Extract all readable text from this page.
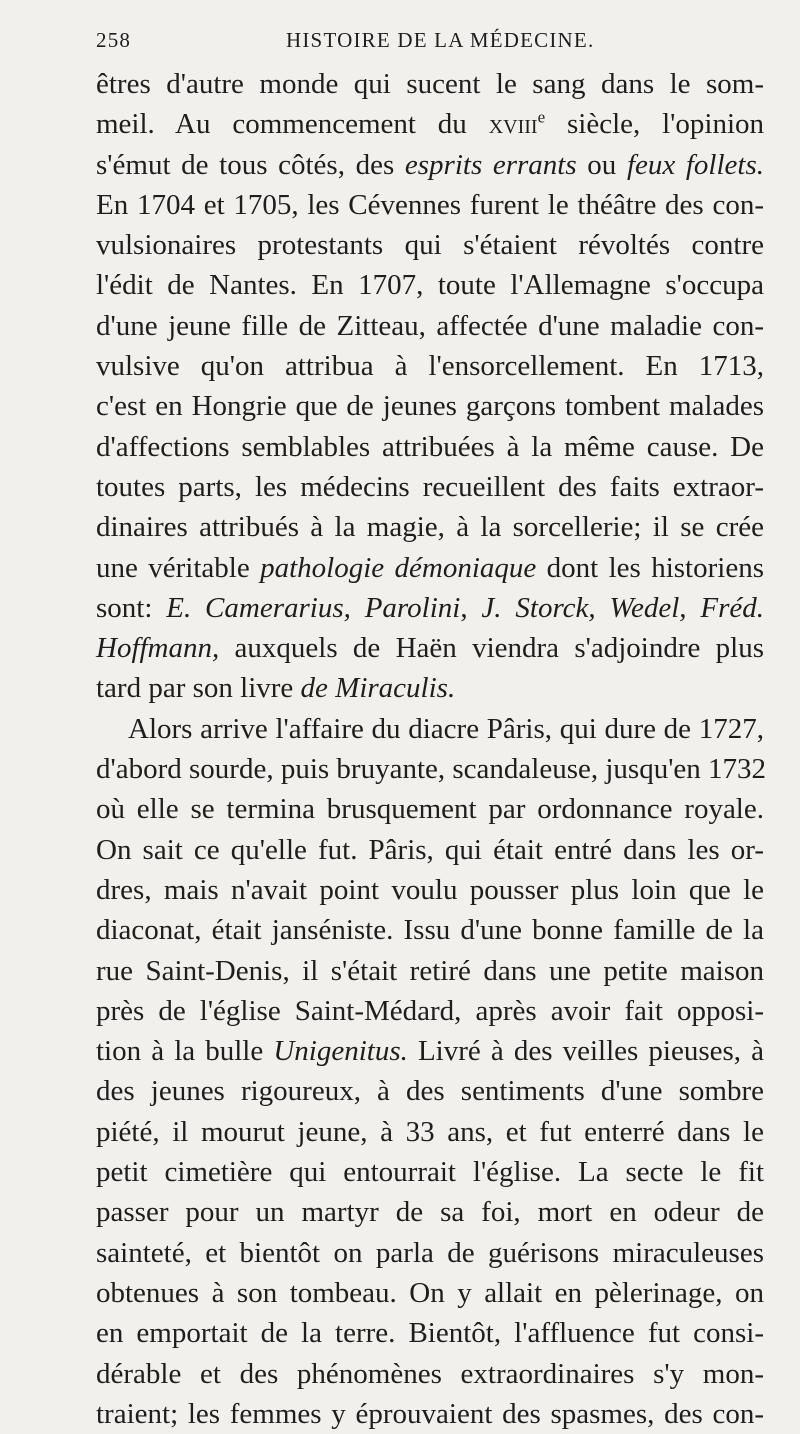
258	HISTOIRE DE LA MÉDECINE.
êtres d'autre monde qui sucent le sang dans le som-
meil. Au commencement du xviii$^e$ siècle, l'opinion
s'émut de tous côtés, des esprits errants ou feux follets.
En 1704 et 1705, les Cévennes furent le théâtre des con-
vulsionaires protestants qui s'étaient révoltés contre
l'édit de Nantes. En 1707, toute l'Allemagne s'occupa
d'une jeune fille de Zitteau, affectée d'une maladie con-
vulsive qu'on attribua à l'ensorcellement. En 1713,
c'est en Hongrie que de jeunes garçons tombent malades
d'affections semblables attribuées à la même cause. De
toutes parts, les médecins recueillent des faits extraor-
dinaires attribués à la magie, à la sorcellerie; il se crée
une véritable pathologie démoniaque dont les historiens
sont: E. Camerarius, Parolini, J. Storck, Wedel, Fréd.
Hoffmann, auxquels de Haën viendra s'adjoindre plus
tard par son livre de Miraculis.
Alors arrive l'affaire du diacre Pâris, qui dure de 1727,
d'abord sourde, puis bruyante, scandaleuse, jusqu'en 1732
où elle se termina brusquement par ordonnance royale.
On sait ce qu'elle fut. Pâris, qui était entré dans les or-
dres, mais n'avait point voulu pousser plus loin que le
diaconat, était janséniste. Issu d'une bonne famille de la
rue Saint-Denis, il s'était retiré dans une petite maison
près de l'église Saint-Médard, après avoir fait opposi-
tion à la bulle Unigenitus. Livré à des veilles pieuses, à
des jeunes rigoureux, à des sentiments d'une sombre
piété, il mourut jeune, à 33 ans, et fut enterré dans le
petit cimetière qui entourrait l'église. La secte le fit
passer pour un martyr de sa foi, mort en odeur de
sainteté, et bientôt on parla de guérisons miraculeuses
obtenues à son tombeau. On y allait en pèlerinage, on
en emportait de la terre. Bientôt, l'affluence fut consi-
dérable et des phénomènes extraordinaires s'y mon-
traient; les femmes y éprouvaient des spasmes, des con-
